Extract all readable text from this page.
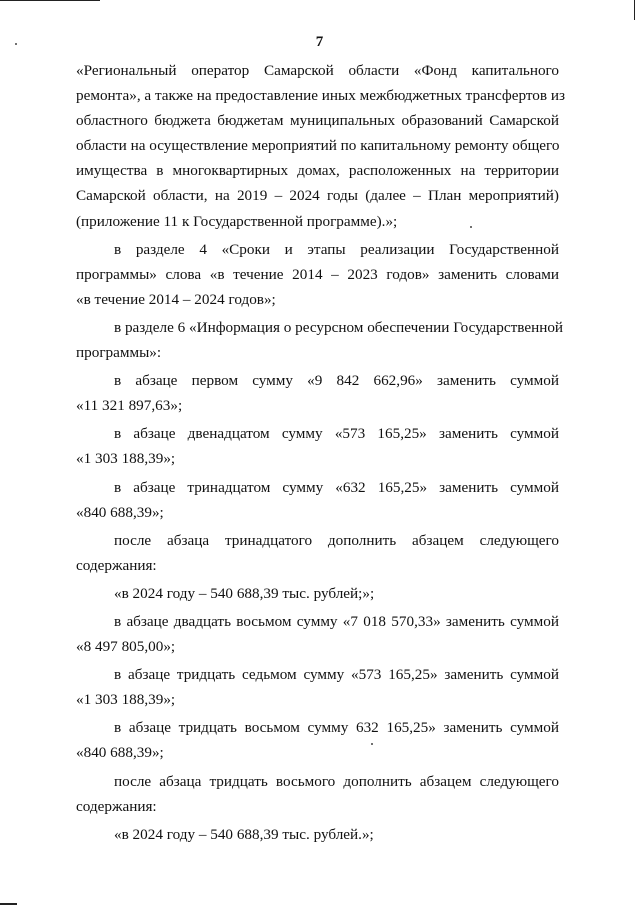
7

«Региональный оператор Самарской области «Фонд капитального
ремонта», а также на предоставление иных межбюджетных трансфертов из
областного бюджета бюджетам муниципальных образований Самарской
области на осуществление мероприятий по капитальному ремонту общего
имущества в многоквартирных домах, расположенных на территории
Самарской области, на 2019 – 2024 годы (далее – План мероприятий)
(приложение 11 к Государственной программе).»;

в разделе 4 «Сроки и этапы реализации Государственной
программы» слова «в течение 2014 – 2023 годов» заменить словами
«в течение 2014 – 2024 годов»;

в разделе 6 «Информация о ресурсном обеспечении Государственной
программы»:

в абзаце первом сумму «9 842 662,96» заменить суммой
«11 321 897,63»;

в абзаце двенадцатом сумму «573 165,25» заменить суммой
«1 303 188,39»;

в абзаце тринадцатом сумму «632 165,25» заменить суммой
«840 688,39»;

после абзаца тринадцатого дополнить абзацем следующего
содержания:

«в 2024 году – 540 688,39 тыс. рублей;»;

в абзаце двадцать восьмом сумму «7 018 570,33» заменить суммой
«8 497 805,00»;

в абзаце тридцать седьмом сумму «573 165,25» заменить суммой
«1 303 188,39»;

в абзаце тридцать восьмом сумму 632 165,25» заменить суммой
«840 688,39»;

после абзаца тридцать восьмого дополнить абзацем следующего
содержания:

«в 2024 году – 540 688,39 тыс. рублей.»;
